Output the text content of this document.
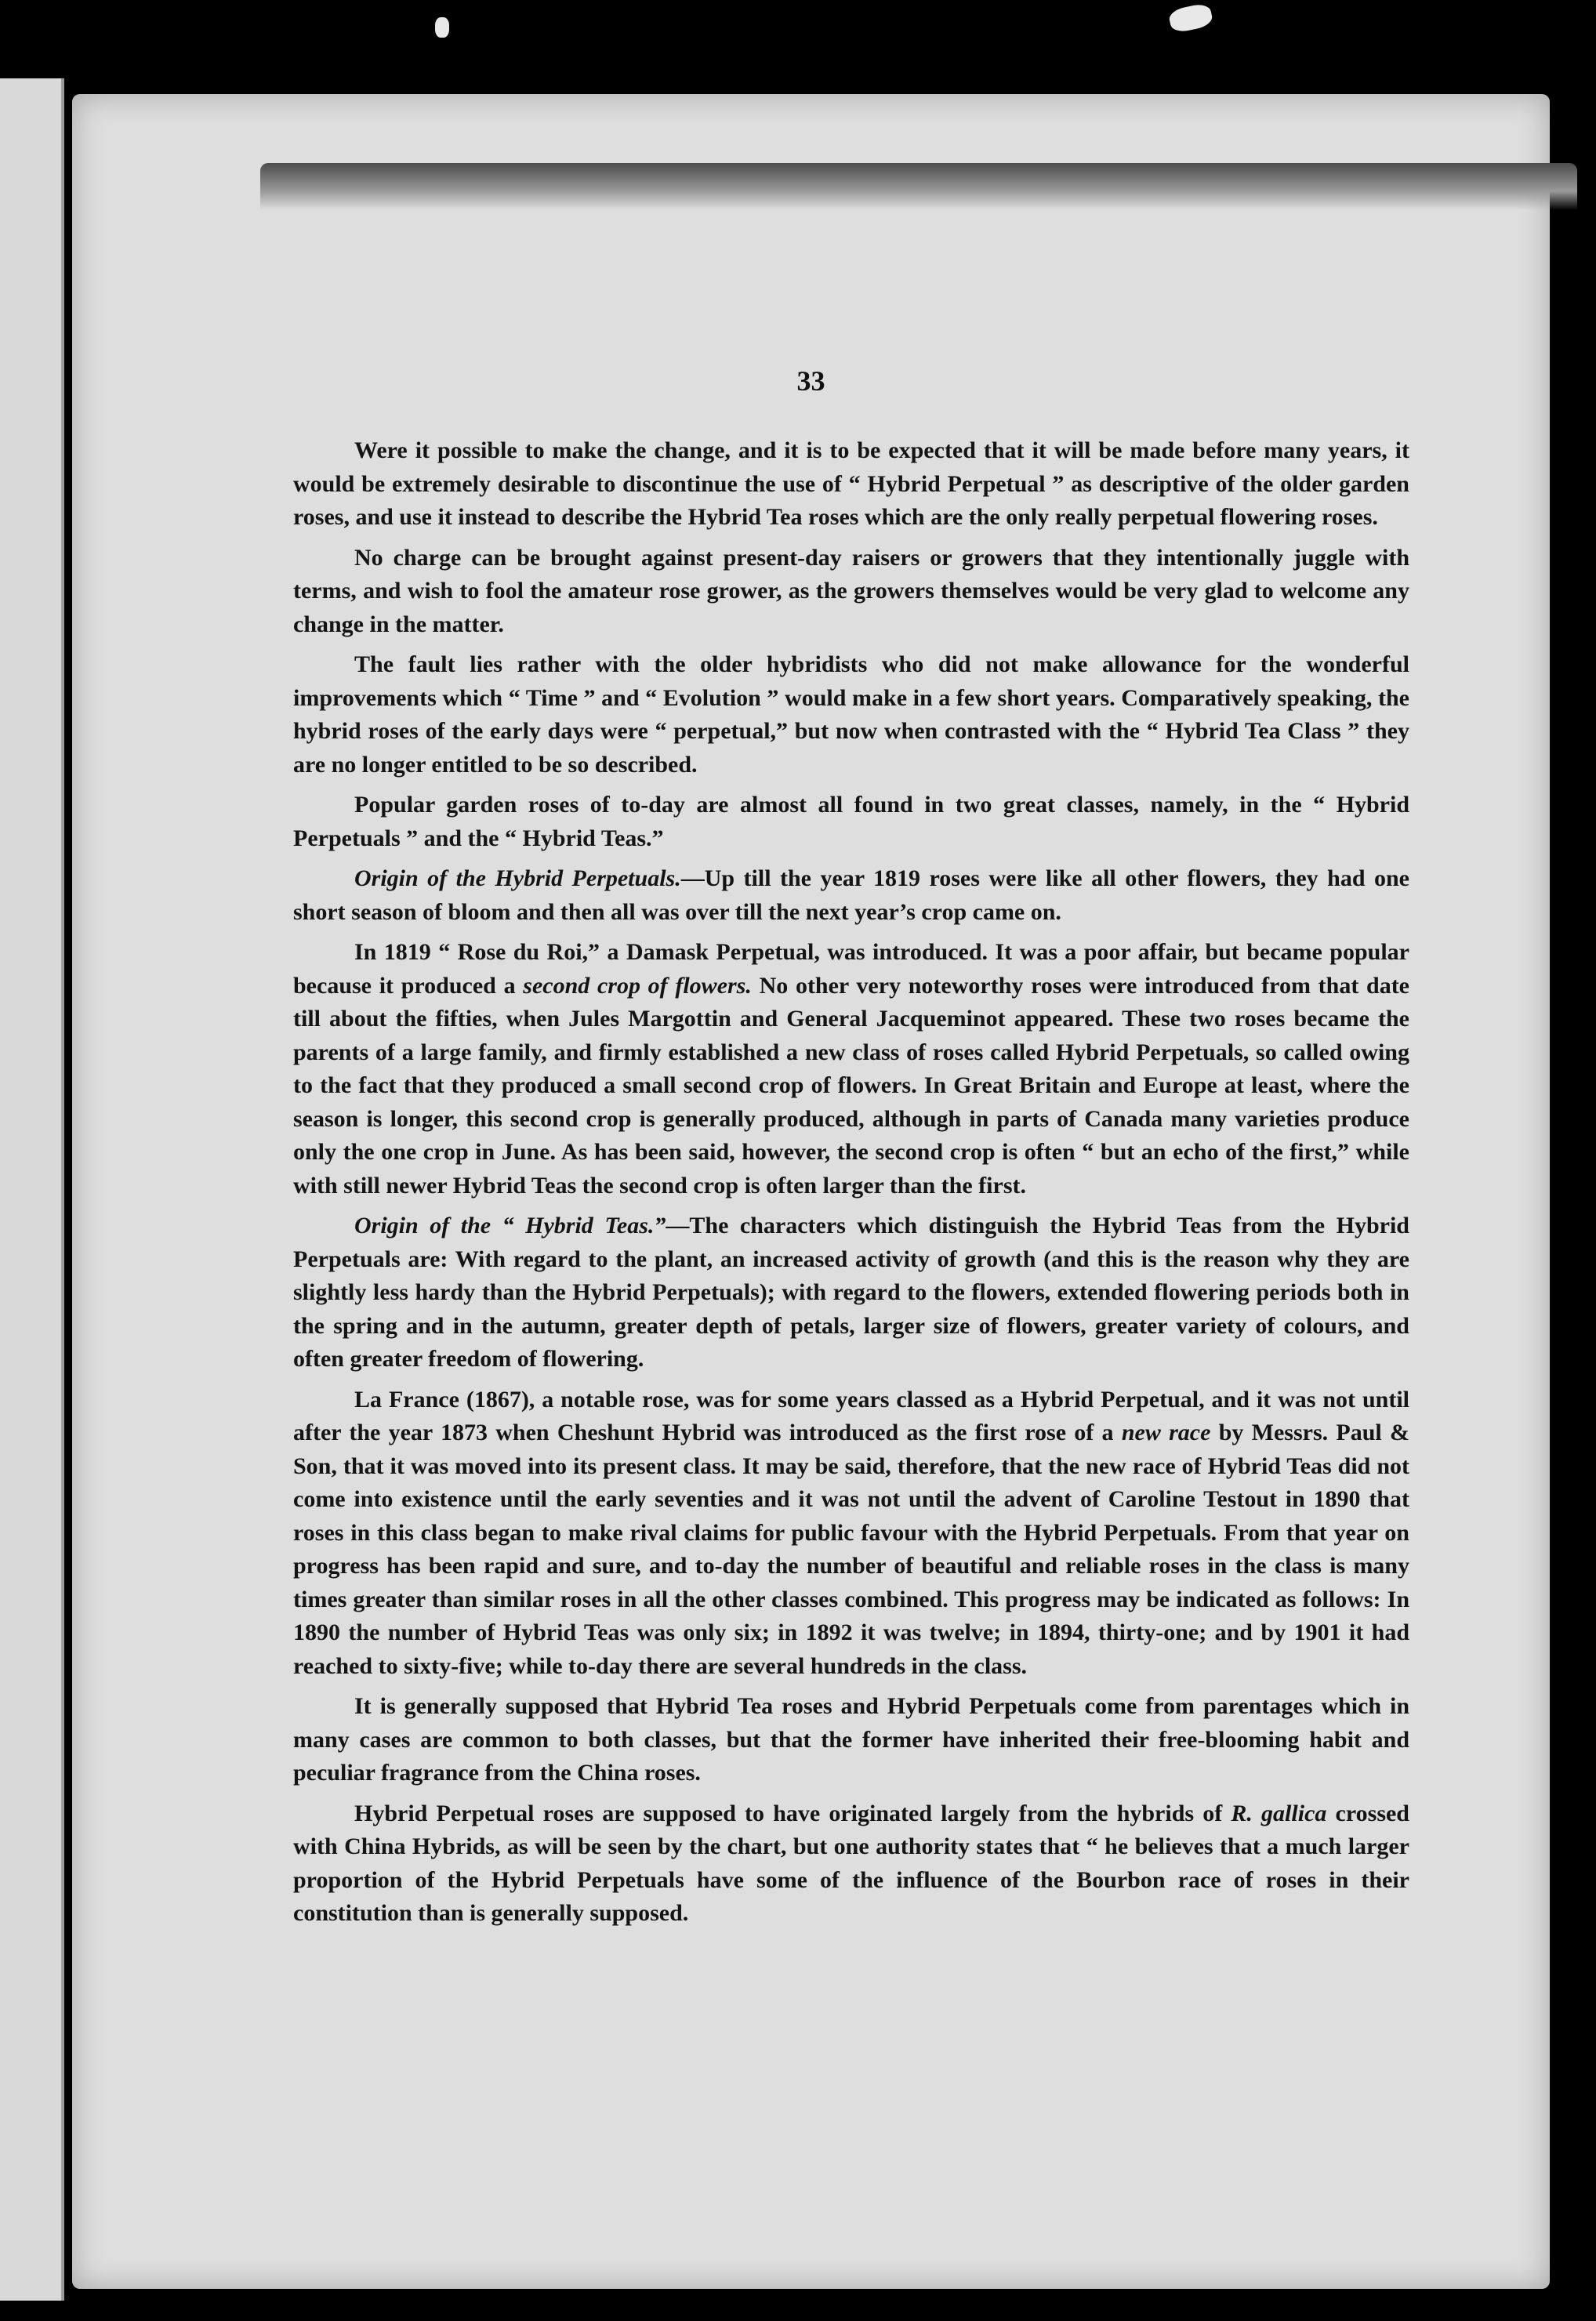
33

Were it possible to make the change, and it is to be expected that it will be made before many years, it would be extremely desirable to discontinue the use of “ Hybrid Perpetual ” as descriptive of the older garden roses, and use it instead to describe the Hybrid Tea roses which are the only really perpetual flowering roses.

No charge can be brought against present-day raisers or growers that they intentionally juggle with terms, and wish to fool the amateur rose grower, as the growers themselves would be very glad to welcome any change in the matter.

The fault lies rather with the older hybridists who did not make allowance for the wonderful improvements which “ Time ” and “ Evolution ” would make in a few short years. Comparatively speaking, the hybrid roses of the early days were “ perpetual,” but now when contrasted with the “ Hybrid Tea Class ” they are no longer entitled to be so described.

Popular garden roses of to-day are almost all found in two great classes, namely, in the “ Hybrid Perpetuals ” and the “ Hybrid Teas.”

Origin of the Hybrid Perpetuals.—Up till the year 1819 roses were like all other flowers, they had one short season of bloom and then all was over till the next year’s crop came on.

In 1819 “ Rose du Roi,” a Damask Perpetual, was introduced. It was a poor affair, but became popular because it produced a second crop of flowers. No other very noteworthy roses were introduced from that date till about the fifties, when Jules Margottin and General Jacqueminot appeared. These two roses became the parents of a large family, and firmly established a new class of roses called Hybrid Perpetuals, so called owing to the fact that they produced a small second crop of flowers. In Great Britain and Europe at least, where the season is longer, this second crop is generally produced, although in parts of Canada many varieties produce only the one crop in June. As has been said, however, the second crop is often “ but an echo of the first,” while with still newer Hybrid Teas the second crop is often larger than the first.

Origin of the “ Hybrid Teas.”—The characters which distinguish the Hybrid Teas from the Hybrid Perpetuals are: With regard to the plant, an increased activity of growth (and this is the reason why they are slightly less hardy than the Hybrid Perpetuals); with regard to the flowers, extended flowering periods both in the spring and in the autumn, greater depth of petals, larger size of flowers, greater variety of colours, and often greater freedom of flowering.

La France (1867), a notable rose, was for some years classed as a Hybrid Perpetual, and it was not until after the year 1873 when Cheshunt Hybrid was introduced as the first rose of a new race by Messrs. Paul & Son, that it was moved into its present class. It may be said, therefore, that the new race of Hybrid Teas did not come into existence until the early seventies and it was not until the advent of Caroline Testout in 1890 that roses in this class began to make rival claims for public favour with the Hybrid Perpetuals. From that year on progress has been rapid and sure, and to-day the number of beautiful and reliable roses in the class is many times greater than similar roses in all the other classes combined. This progress may be indicated as follows: In 1890 the number of Hybrid Teas was only six; in 1892 it was twelve; in 1894, thirty-one; and by 1901 it had reached to sixty-five; while to-day there are several hundreds in the class.

It is generally supposed that Hybrid Tea roses and Hybrid Perpetuals come from parentages which in many cases are common to both classes, but that the former have inherited their free-blooming habit and peculiar fragrance from the China roses.

Hybrid Perpetual roses are supposed to have originated largely from the hybrids of R. gallica crossed with China Hybrids, as will be seen by the chart, but one authority states that “ he believes that a much larger proportion of the Hybrid Perpetuals have some of the influence of the Bourbon race of roses in their constitution than is generally supposed.
